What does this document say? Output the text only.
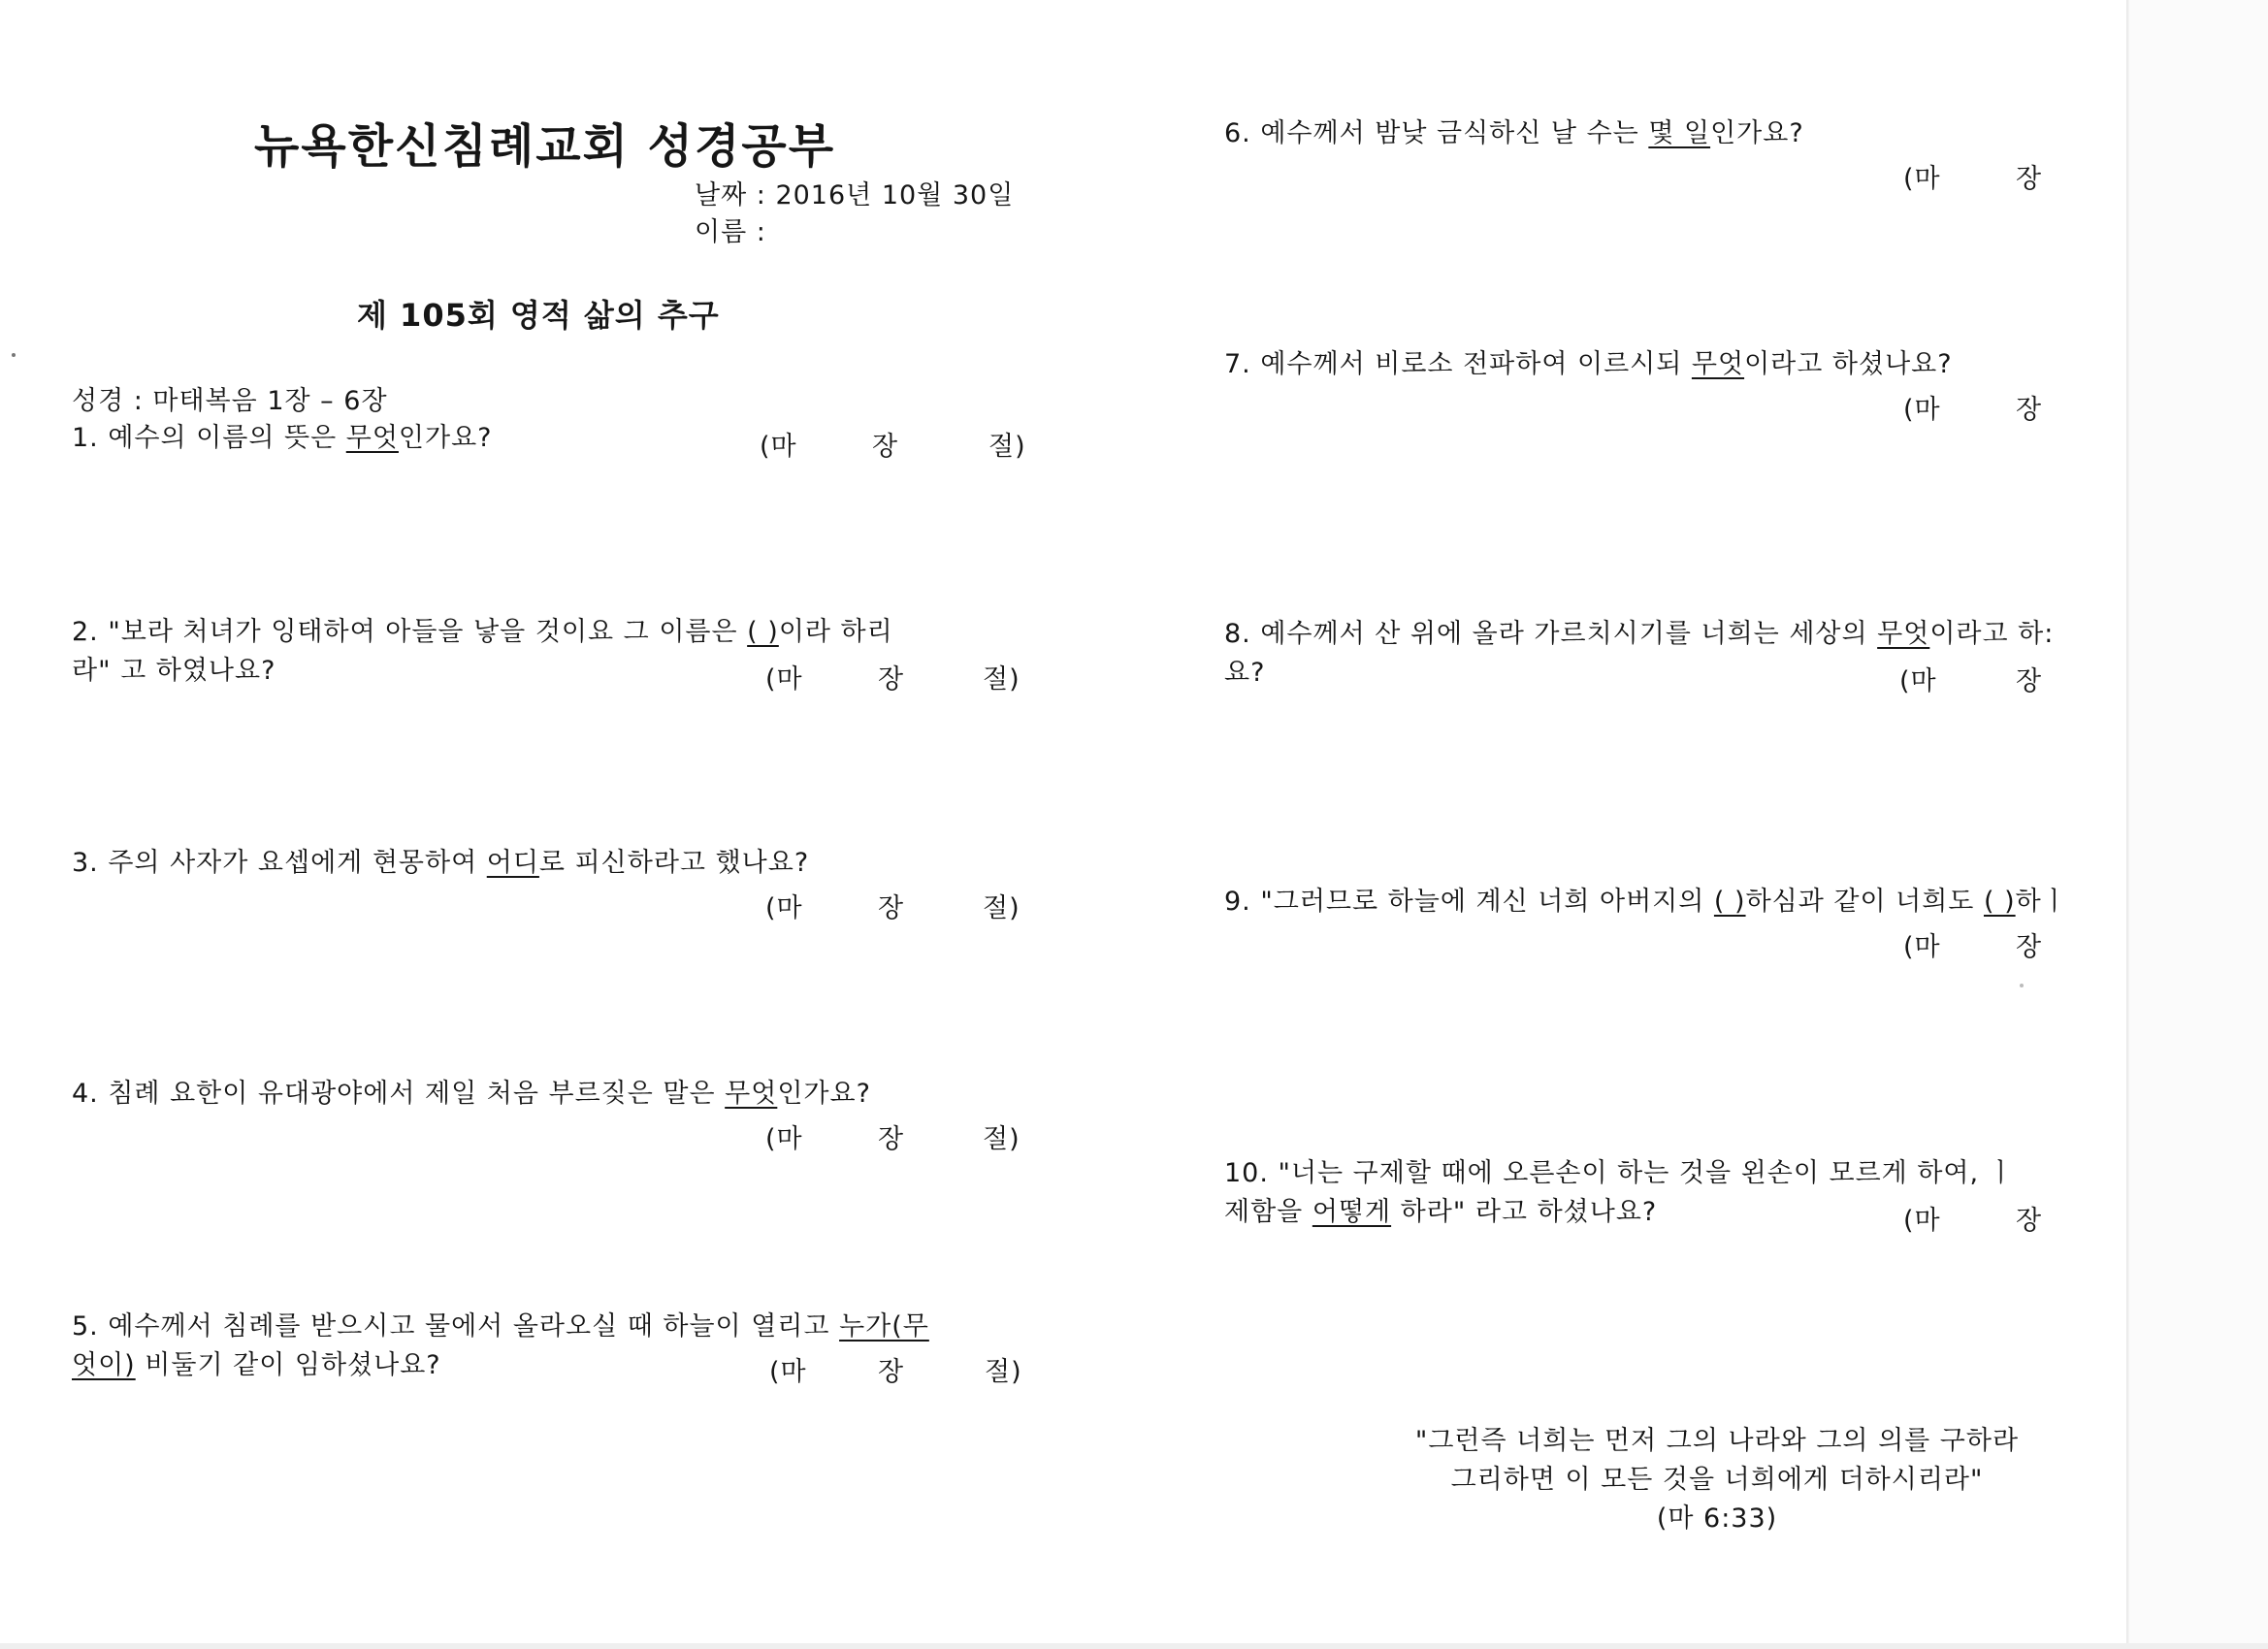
뉴욕한신침례교회 성경공부
날짜 : 2016년 10월 30일
이름 :
제 105회 영적 삶의 추구
성경 : 마태복음 1장 – 6장
1. 예수의 이름의 뜻은 무엇인가요?	(마	장	절)
2. "보라 처녀가 잉태하여 아들을 낳을 것이요 그 이름은 ( )이라 하리
라" 고 하였나요?	(마	장	절)
3. 주의 사자가 요셉에게 현몽하여 어디로 피신하라고 했나요?
(마	장	절)
4. 침례 요한이 유대광야에서 제일 처음 부르짖은 말은 무엇인가요?
(마	장	절)
5. 예수께서 침례를 받으시고 물에서 올라오실 때 하늘이 열리고 누가(무
엇이) 비둘기 같이 임하셨나요?	(마	장	절)
6. 예수께서 밤낮 금식하신 날 수는 몇 일인가요?
(마	장
7. 예수께서 비로소 전파하여 이르시되 무엇이라고 하셨나요?
(마	장
8. 예수께서 산 위에 올라 가르치시기를 너희는 세상의 무엇이라고 하:
요?	(마	장
9. "그러므로 하늘에 계신 너희 아버지의 ( )하심과 같이 너희도 ( )하ㅣ
(마	장
10. "너는 구제할 때에 오른손이 하는 것을 왼손이 모르게 하여, ㅣ
제함을 어떻게 하라" 라고 하셨나요?	(마	장
"그런즉 너희는 먼저 그의 나라와 그의 의를 구하라
그리하면 이 모든 것을 너희에게 더하시리라"
(마 6:33)
